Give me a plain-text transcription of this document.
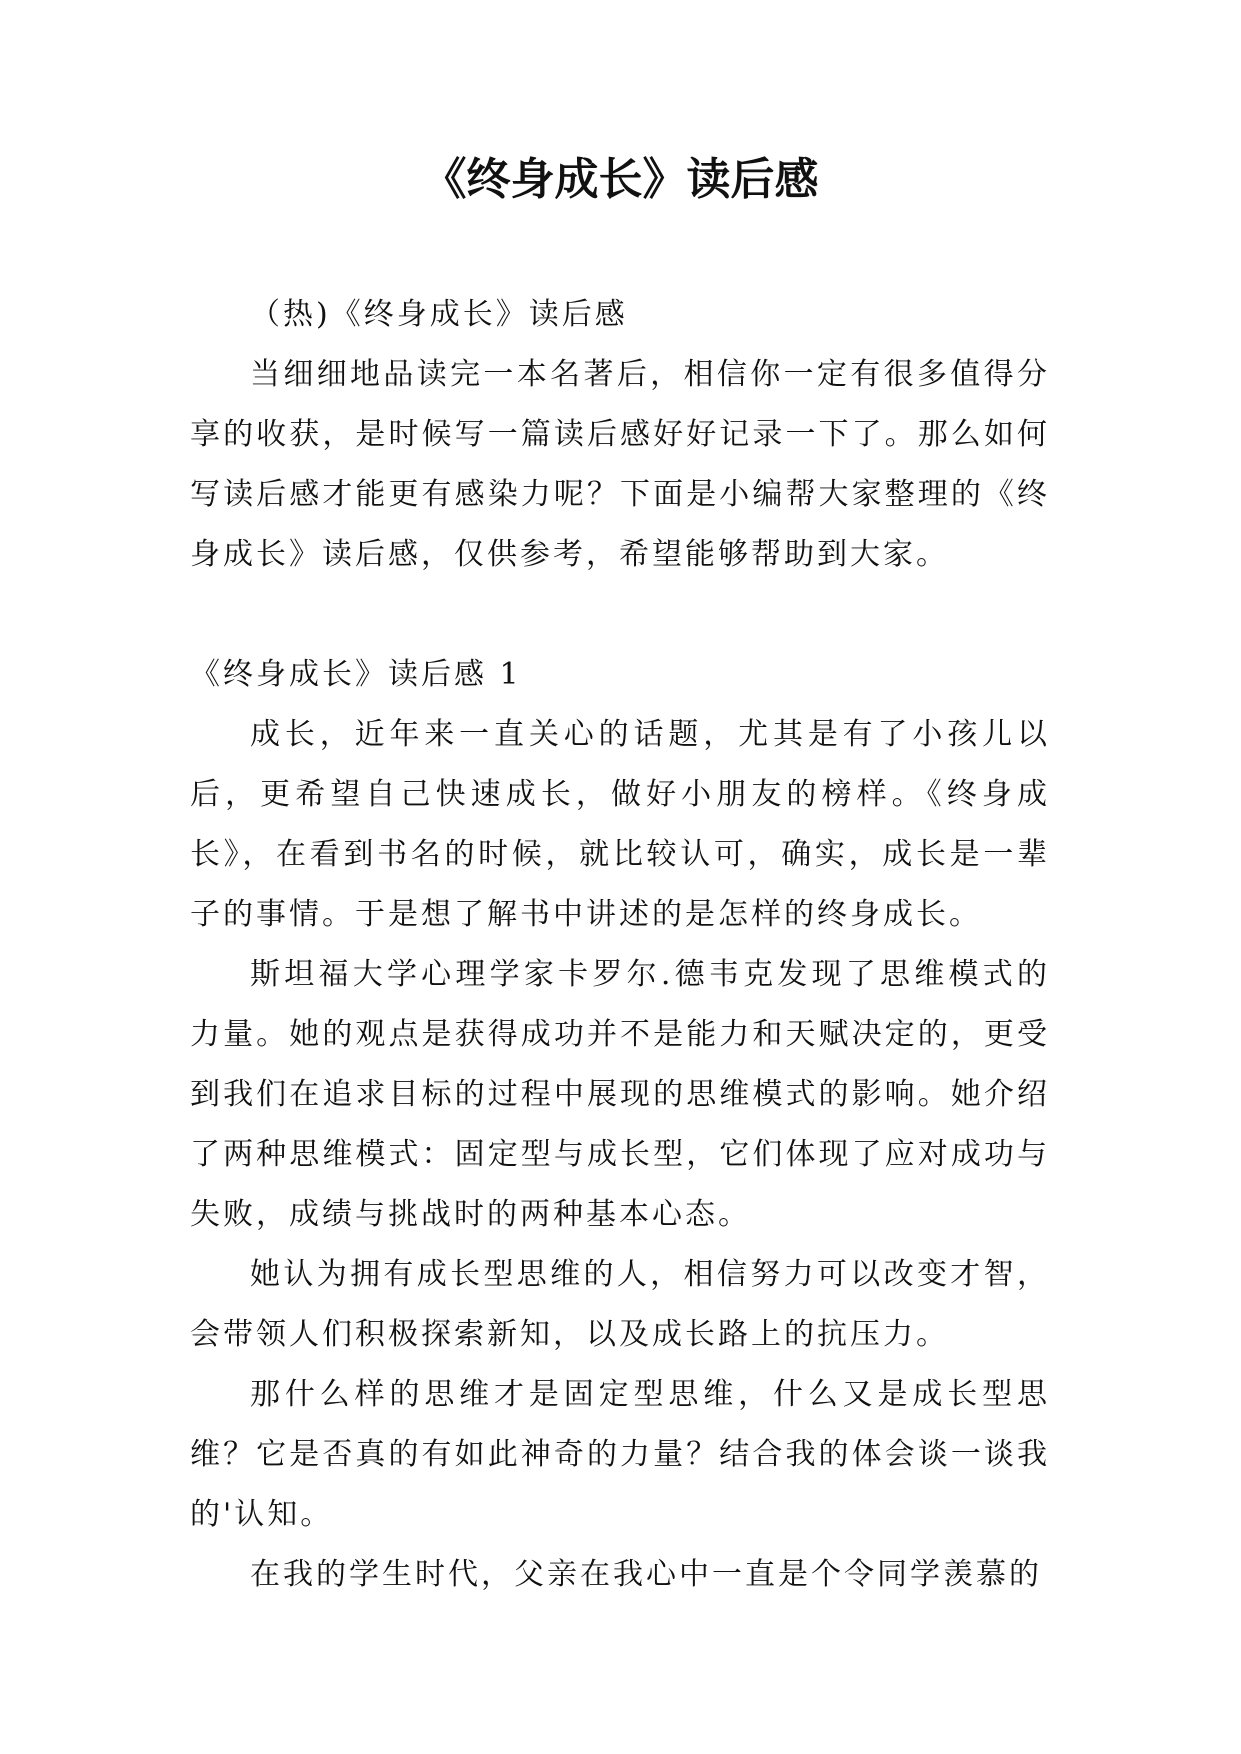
《终身成长》读后感

（热)《终身成长》读后感

当细细地品读完一本名著后，相信你一定有很多值得分享的收获，是时候写一篇读后感好好记录一下了。那么如何写读后感才能更有感染力呢？下面是小编帮大家整理的《终身成长》读后感，仅供参考，希望能够帮助到大家。

《终身成长》读后感 1

成长，近年来一直关心的话题，尤其是有了小孩儿以后，更希望自己快速成长，做好小朋友的榜样。《终身成长》，在看到书名的时候，就比较认可，确实，成长是一辈子的事情。于是想了解书中讲述的是怎样的终身成长。

斯坦福大学心理学家卡罗尔.德韦克发现了思维模式的力量。她的观点是获得成功并不是能力和天赋决定的，更受到我们在追求目标的过程中展现的思维模式的影响。她介绍了两种思维模式：固定型与成长型，它们体现了应对成功与失败，成绩与挑战时的两种基本心态。

她认为拥有成长型思维的人，相信努力可以改变才智，会带领人们积极探索新知，以及成长路上的抗压力。

那什么样的思维才是固定型思维，什么又是成长型思维？它是否真的有如此神奇的力量？结合我的体会谈一谈我的'认知。

在我的学生时代，父亲在我心中一直是个令同学羡慕的
